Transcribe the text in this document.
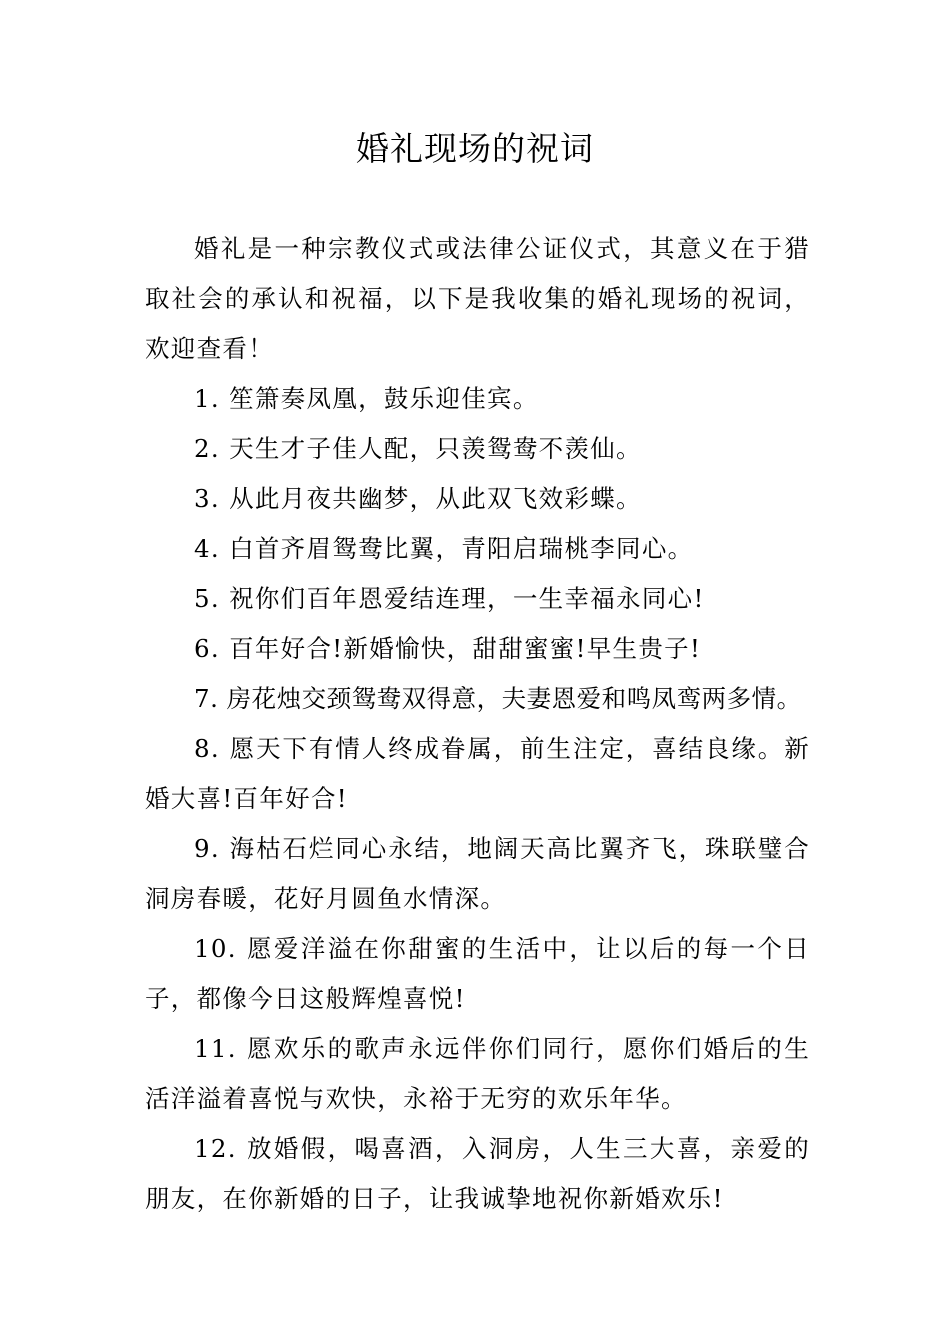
婚礼现场的祝词

婚礼是一种宗教仪式或法律公证仪式，其意义在于猎取社会的承认和祝福，以下是我收集的婚礼现场的祝词，欢迎查看！

1. 笙箫奏凤凰，鼓乐迎佳宾。

2. 天生才子佳人配，只羡鸳鸯不羡仙。

3. 从此月夜共幽梦，从此双飞效彩蝶。

4. 白首齐眉鸳鸯比翼，青阳启瑞桃李同心。

5. 祝你们百年恩爱结连理，一生幸福永同心!

6. 百年好合!新婚愉快，甜甜蜜蜜!早生贵子!

7. 房花烛交颈鸳鸯双得意，夫妻恩爱和鸣凤鸾两多情。

8. 愿天下有情人终成眷属，前生注定，喜结良缘。新婚大喜!百年好合!

9. 海枯石烂同心永结，地阔天高比翼齐飞，珠联璧合洞房春暖，花好月圆鱼水情深。

10. 愿爱洋溢在你甜蜜的生活中，让以后的每一个日子，都像今日这般辉煌喜悦!

11. 愿欢乐的歌声永远伴你们同行，愿你们婚后的生活洋溢着喜悦与欢快，永裕于无穷的欢乐年华。

12. 放婚假，喝喜酒，入洞房，人生三大喜，亲爱的朋友，在你新婚的日子，让我诚挚地祝你新婚欢乐!
